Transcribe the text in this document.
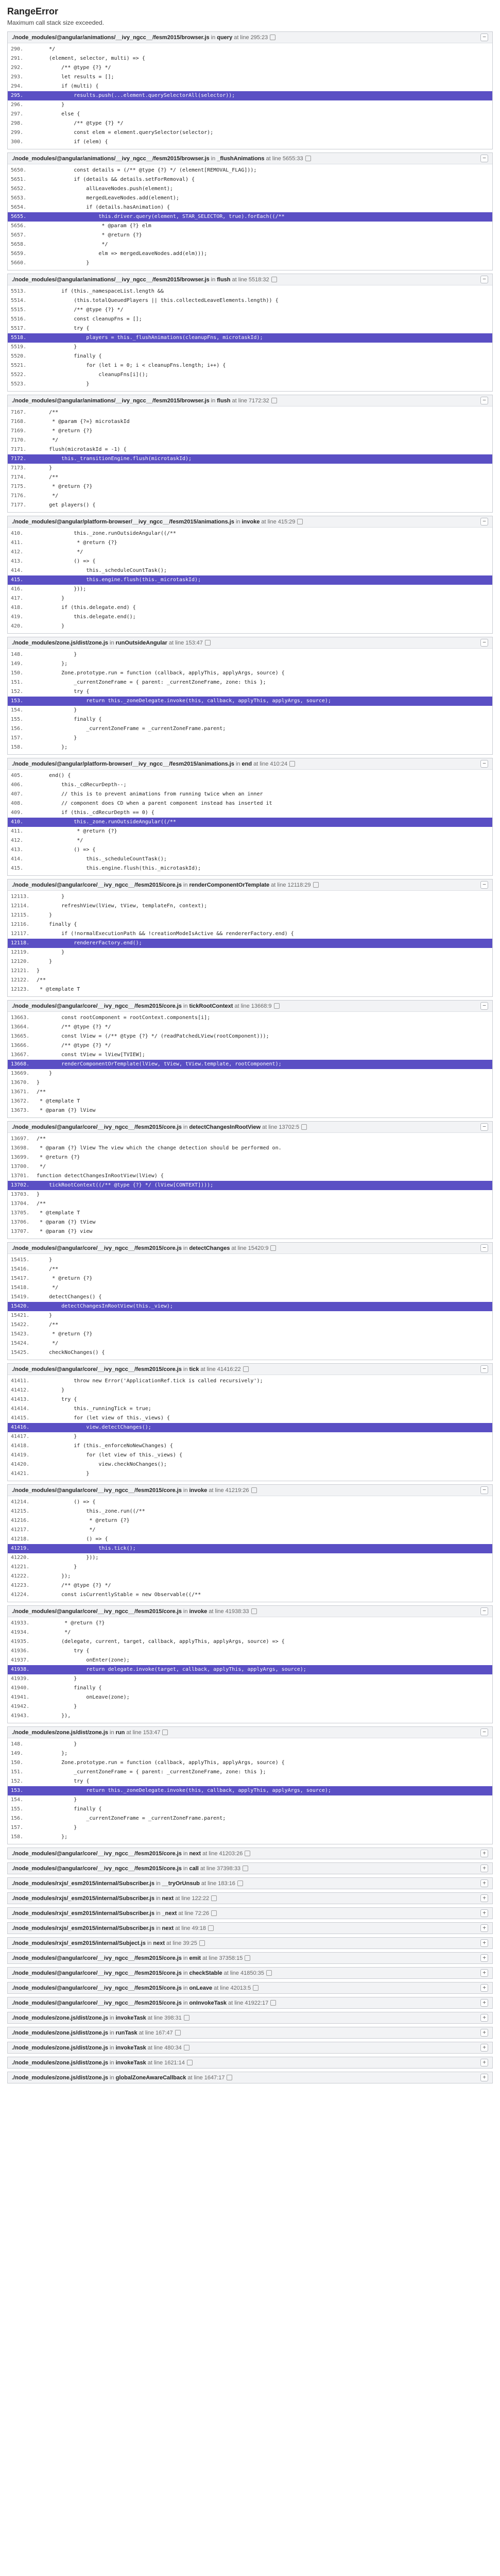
RangeError
Maximum call stack size exceeded.
./node_modules/@angular/animations/__ivy_ngcc__/fesm2015/browser.js in query at line 295:23	−
290.	*/
291.	(element, selector, multi) => {
292.	/** @type {?} */
293.	let results = [];
294.	if (multi) {
295.	results.push(...element.querySelectorAll(selector));
296.	}
297.	else {
298.	/** @type {?} */
299.	const elem = element.querySelector(selector);
300.	if (elem) {
./node_modules/@angular/animations/__ivy_ngcc__/fesm2015/browser.js in _flushAnimations at line 5655:33	−
5650.	const details = (/** @type {?} */ (element[REMOVAL_FLAG]));
5651.	if (details && details.setForRemoval) {
5652.	allLeaveNodes.push(element);
5653.	mergedLeaveNodes.add(element);
5654.	if (details.hasAnimation) {
5655.	this.driver.query(element, STAR_SELECTOR, true).forEach((/**
5656.	* @param {?} elm
5657.	* @return {?}
5658.	*/
5659.	elm => mergedLeaveNodes.add(elm)));
5660.	}
./node_modules/@angular/animations/__ivy_ngcc__/fesm2015/browser.js in flush at line 5518:32	−
5513.	if (this._namespaceList.length &&
5514.	(this.totalQueuedPlayers || this.collectedLeaveElements.length)) {
5515.	/** @type {?} */
5516.	const cleanupFns = [];
5517.	try {
5518.	players = this._flushAnimations(cleanupFns, microtaskId);
5519.	}
5520.	finally {
5521.	for (let i = 0; i < cleanupFns.length; i++) {
5522.	cleanupFns[i]();
5523.	}
./node_modules/@angular/animations/__ivy_ngcc__/fesm2015/browser.js in flush at line 7172:32	−
7167.	/**
7168.	* @param {?=} microtaskId
7169.	* @return {?}
7170.	*/
7171.	flush(microtaskId = -1) {
7172.	this._transitionEngine.flush(microtaskId);
7173.	}
7174.	/**
7175.	* @return {?}
7176.	*/
7177.	get players() {
./node_modules/@angular/platform-browser/__ivy_ngcc__/fesm2015/animations.js in invoke at line 415:29	−
410.	this._zone.runOutsideAngular((/**
411.	* @return {?}
412.	*/
413.	() => {
414.	this._scheduleCountTask();
415.	this.engine.flush(this._microtaskId);
416.	}));
417.	}
418.	if (this.delegate.end) {
419.	this.delegate.end();
420.	}
./node_modules/zone.js/dist/zone.js in runOutsideAngular at line 153:47	−
148.	}
149.	};
150.	Zone.prototype.run = function (callback, applyThis, applyArgs, source) {
151.	_currentZoneFrame = { parent: _currentZoneFrame, zone: this };
152.	try {
153.	return this._zoneDelegate.invoke(this, callback, applyThis, applyArgs, source);
154.	}
155.	finally {
156.	_currentZoneFrame = _currentZoneFrame.parent;
157.	}
158.	};
./node_modules/@angular/platform-browser/__ivy_ngcc__/fesm2015/animations.js in end at line 410:24	−
405.	end() {
406.	this._cdRecurDepth--;
407.	// this is to prevent animations from running twice when an inner
408.	// component does CD when a parent component instead has inserted it
409.	if (this._cdRecurDepth == 0) {
410.	this._zone.runOutsideAngular((/**
411.	* @return {?}
412.	*/
413.	() => {
414.	this._scheduleCountTask();
415.	this.engine.flush(this._microtaskId);
./node_modules/@angular/core/__ivy_ngcc__/fesm2015/core.js in renderComponentOrTemplate at line 12118:29	−
12113.	}
12114.	refreshView(lView, tView, templateFn, context);
12115.	}
12116.	finally {
12117.	if (!normalExecutionPath && !creationModeIsActive && rendererFactory.end) {
12118.	rendererFactory.end();
12119.	}
12120.	}
12121.	}
12122.	/**
12123.	* @template T
./node_modules/@angular/core/__ivy_ngcc__/fesm2015/core.js in tickRootContext at line 13668:9	−
13663.	const rootComponent = rootContext.components[i];
13664.	/** @type {?} */
13665.	const lView = (/** @type {?} */ (readPatchedLView(rootComponent)));
13666.	/** @type {?} */
13667.	const tView = lView[TVIEW];
13668.	renderComponentOrTemplate(lView, tView, tView.template, rootComponent);
13669.	}
13670.	}
13671.	/**
13672.	* @template T
13673.	* @param {?} lView
./node_modules/@angular/core/__ivy_ngcc__/fesm2015/core.js in detectChangesInRootView at line 13702:5	−
13697.	/**
13698.	* @param {?} lView The view which the change detection should be performed on.
13699.	* @return {?}
13700.	*/
13701.	function detectChangesInRootView(lView) {
13702.	tickRootContext((/** @type {?} */ (lView[CONTEXT])));
13703.	}
13704.	/**
13705.	* @template T
13706.	* @param {?} tView
13707.	* @param {?} view
./node_modules/@angular/core/__ivy_ngcc__/fesm2015/core.js in detectChanges at line 15420:9	−
15415.	}
15416.	/**
15417.	* @return {?}
15418.	*/
15419.	detectChanges() {
15420.	detectChangesInRootView(this._view);
15421.	}
15422.	/**
15423.	* @return {?}
15424.	*/
15425.	checkNoChanges() {
./node_modules/@angular/core/__ivy_ngcc__/fesm2015/core.js in tick at line 41416:22	−
41411.	throw new Error('ApplicationRef.tick is called recursively');
41412.	}
41413.	try {
41414.	this._runningTick = true;
41415.	for (let view of this._views) {
41416.	view.detectChanges();
41417.	}
41418.	if (this._enforceNoNewChanges) {
41419.	for (let view of this._views) {
41420.	view.checkNoChanges();
41421.	}
./node_modules/@angular/core/__ivy_ngcc__/fesm2015/core.js in invoke at line 41219:26	−
41214.	() => {
41215.	this._zone.run((/**
41216.	* @return {?}
41217.	*/
41218.	() => {
41219.	this.tick();
41220.	}));
41221.	}
41222.	});
41223.	/** @type {?} */
41224.	const isCurrentlyStable = new Observable((/**
./node_modules/@angular/core/__ivy_ngcc__/fesm2015/core.js in invoke at line 41938:33	−
41933.	* @return {?}
41934.	*/
41935.	(delegate, current, target, callback, applyThis, applyArgs, source) => {
41936.	try {
41937.	onEnter(zone);
41938.	return delegate.invoke(target, callback, applyThis, applyArgs, source);
41939.	}
41940.	finally {
41941.	onLeave(zone);
41942.	}
41943.	}),
./node_modules/zone.js/dist/zone.js in run at line 153:47	−
148.	}
149.	};
150.	Zone.prototype.run = function (callback, applyThis, applyArgs, source) {
151.	_currentZoneFrame = { parent: _currentZoneFrame, zone: this };
152.	try {
153.	return this._zoneDelegate.invoke(this, callback, applyThis, applyArgs, source);
154.	}
155.	finally {
156.	_currentZoneFrame = _currentZoneFrame.parent;
157.	}
158.	};
./node_modules/@angular/core/__ivy_ngcc__/fesm2015/core.js in next at line 41203:26	+
./node_modules/@angular/core/__ivy_ngcc__/fesm2015/core.js in call at line 37398:33	+
./node_modules/rxjs/_esm2015/internal/Subscriber.js in __tryOrUnsub at line 183:16	+
./node_modules/rxjs/_esm2015/internal/Subscriber.js in next at line 122:22	+
./node_modules/rxjs/_esm2015/internal/Subscriber.js in _next at line 72:26	+
./node_modules/rxjs/_esm2015/internal/Subscriber.js in next at line 49:18	+
./node_modules/rxjs/_esm2015/internal/Subject.js in next at line 39:25	+
./node_modules/@angular/core/__ivy_ngcc__/fesm2015/core.js in emit at line 37358:15	+
./node_modules/@angular/core/__ivy_ngcc__/fesm2015/core.js in checkStable at line 41850:35	+
./node_modules/@angular/core/__ivy_ngcc__/fesm2015/core.js in onLeave at line 42013:5	+
./node_modules/@angular/core/__ivy_ngcc__/fesm2015/core.js in onInvokeTask at line 41922:17	+
./node_modules/zone.js/dist/zone.js in invokeTask at line 398:31	+
./node_modules/zone.js/dist/zone.js in runTask at line 167:47	+
./node_modules/zone.js/dist/zone.js in invokeTask at line 480:34	+
./node_modules/zone.js/dist/zone.js in invokeTask at line 1621:14	+
./node_modules/zone.js/dist/zone.js in globalZoneAwareCallback at line 1647:17	+
